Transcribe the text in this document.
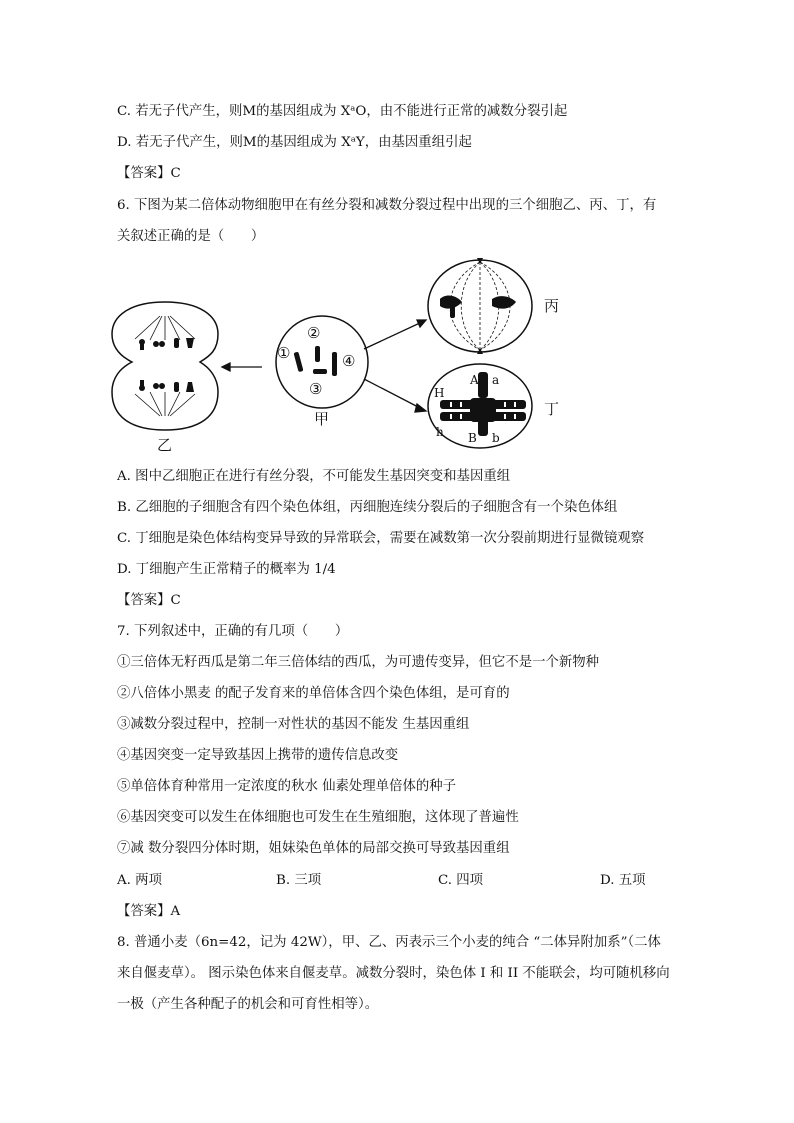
C. 若无子代产生，则M的基因组成为 XᵃO，由不能进行正常的减数分裂引起
D. 若无子代产生，则M的基因组成为 XᵃY，由基因重组引起
【答案】C
6. 下图为某二倍体动物细胞甲在有丝分裂和减数分裂过程中出现的三个细胞乙、丙、丁，有
关叙述正确的是（　　）
乙
甲
丙
丁
①
②
④
③	A a
H
h B b
A. 图中乙细胞正在进行有丝分裂，不可能发生基因突变和基因重组
B. 乙细胞的子细胞含有四个染色体组，丙细胞连续分裂后的子细胞含有一个染色体组
C. 丁细胞是染色体结构变异导致的异常联会，需要在减数第一次分裂前期进行显微镜观察
D. 丁细胞产生正常精子的概率为 1/4
【答案】C
7. 下列叙述中，正确的有几项（　　）
①三倍体无籽西瓜是第二年三倍体结的西瓜，为可遗传变异，但它不是一个新物种
②八倍体小黑麦 的配子发育来的单倍体含四个染色体组，是可育的
③减数分裂过程中，控制一对性状的基因不能发 生基因重组
④基因突变一定导致基因上携带的遗传信息改变
⑤单倍体育种常用一定浓度的秋水 仙素处理单倍体的种子
⑥基因突变可以发生在体细胞也可发生在生殖细胞，这体现了普遍性
⑦减 数分裂四分体时期，姐妹染色单体的局部交换可导致基因重组
A. 两项	B. 三项	C. 四项	D. 五项
【答案】A
8. 普通小麦（6n=42，记为 42W），甲、乙、丙表示三个小麦的纯合 “二体异附加系”（二体
来自偃麦草）。 图示染色体来自偃麦草。减数分裂时，染色体 I 和 II 不能联会，均可随机移向
一极（产生各种配子的机会和可育性相等）。
